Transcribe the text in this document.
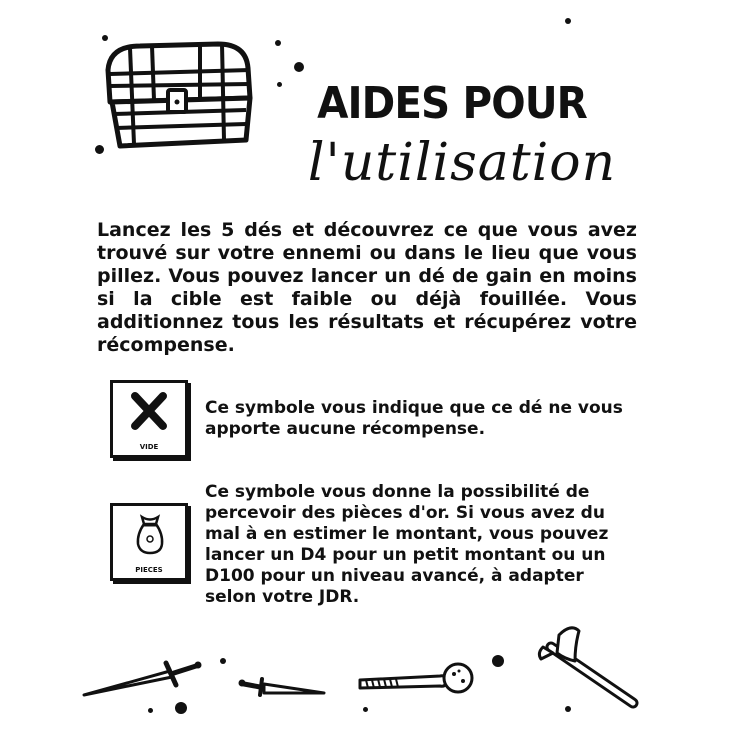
AIDES POUR
l'utilisation
Lancez les 5 dés et découvrez ce que vous avez trouvé sur votre ennemi ou dans le lieu que vous pillez. Vous pouvez lancer un dé de gain en moins si la cible est faible ou déjà fouillée. Vous additionnez tous les résultats et récupérez votre récompense.
VIDE
Ce symbole vous indique que ce dé ne vous apporte aucune récompense.
PIECES
Ce symbole vous donne la possibilité de percevoir des pièces d'or. Si vous avez du mal à en estimer le montant, vous pouvez lancer un D4 pour un petit montant ou un D100 pour un niveau avancé, à adapter selon votre JDR.
